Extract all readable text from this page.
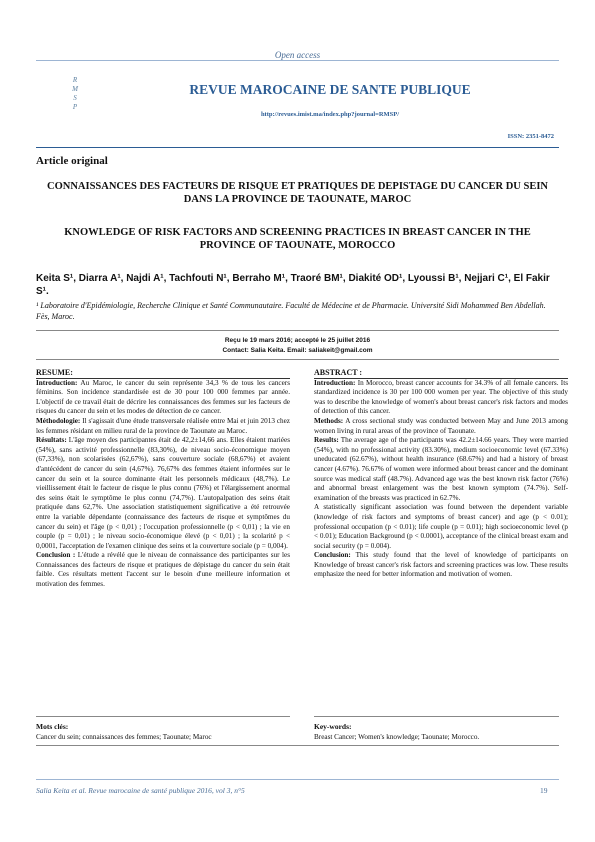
Open access
R
M
S
P
REVUE MAROCAINE DE SANTE PUBLIQUE
http://revues.imist.ma/index.php?journal=RMSP/
ISSN: 2351-8472
Article original
CONNAISSANCES DES FACTEURS DE RISQUE ET PRATIQUES DE DEPISTAGE DU CANCER DU SEIN DANS LA PROVINCE DE TAOUNATE, MAROC
KNOWLEDGE OF RISK FACTORS AND SCREENING PRACTICES IN BREAST CANCER IN THE PROVINCE OF TAOUNATE, MOROCCO
Keita S¹, Diarra A¹, Najdi A¹, Tachfouti N¹, Berraho M¹, Traoré BM¹, Diakité OD¹, Lyoussi B¹, Nejjari C¹, El Fakir S¹.
¹ Laboratoire d'Epidémiologie, Recherche Clinique et Santé Communautaire. Faculté de Médecine et de Pharmacie. Université Sidi Mohammed Ben Abdellah. Fès, Maroc.
Reçu le 19 mars 2016; accepté le 25 juillet 2016
Contact: Salia Keita. Email: saliakeit@gmail.com
RESUME:

Introduction: Au Maroc, le cancer du sein représente 34,3 % de tous les cancers féminins. Son incidence standardisée est de 30 pour 100 000 femmes par année. L'objectif de ce travail était de décrire les connaissances des femmes sur les facteurs de risques du cancer du sein et les modes de détection de ce cancer.

Méthodologie: Il s'agissait d'une étude transversale réalisée entre Mai et juin 2013 chez les femmes résidant en milieu rural de la province de Taounate au Maroc.

Résultats: L'âge moyen des participantes était de 42,2±14,66 ans. Elles étaient mariées (54%), sans activité professionnelle (83,30%), de niveau socio-économique moyen (67,33%), non scolarisées (62,67%), sans couverture sociale (68,67%) et avaient d'antécédent de cancer du sein (4,67%). 76,67% des femmes étaient informées sur le cancer du sein et la source dominante était les personnels médicaux (48,7%). Le vieillissement était le facteur de risque le plus connu (76%) et l'élargissement anormal des seins était le symptôme le plus connu (74,7%). L'autopalpation des seins était pratiquée dans 62,7%. Une association statistiquement significative a été retrouvée entre la variable dépendante (connaissance des facteurs de risque et symptômes du cancer du sein) et l'âge (p < 0,01) ; l'occupation professionnelle (p < 0,01) ; la vie en couple (p = 0,01) ; le niveau socio-économique élevé (p < 0,01) ; la scolarité p < 0,0001, l'acceptation de l'examen clinique des seins et la couverture sociale (p = 0,004).

Conclusion : L'étude a révélé que le niveau de connaissance des participantes sur les Connaissances des facteurs de risque et pratiques de dépistage du cancer du sein était faible. Ces résultats mettent l'accent sur le besoin d'une meilleure information et motivation des femmes.

ABSTRACT :

Introduction: In Morocco, breast cancer accounts for 34.3% of all female cancers. Its standardized incidence is 30 per 100 000 women per year. The objective of this study was to describe the knowledge of women's about breast cancer's risk factors and modes of detection of this cancer.

Methods: A cross sectional study was conducted between May and June 2013 among women living in rural areas of the province of Taounate.

Results: The average age of the participants was 42.2±14.66 years. They were married (54%), with no professional activity (83.30%), medium socioeconomic level (67.33%) uneducated (62.67%), without health insurance (68.67%) and had a history of breast cancer (4.67%). 76.67% of women were informed about breast cancer and the dominant source was medical staff (48.7%). Advanced age was the best known risk factor (76%) and abnormal breast enlargement was the best known symptom (74.7%). Self-examination of the breasts was practiced in 62.7%.

A statistically significant association was found between the dependent variable (knowledge of risk factors and symptoms of breast cancer) and age (p < 0.01); professional occupation (p < 0.01); life couple (p = 0.01); high socioeconomic level (p < 0.01); Education Background (p < 0.0001), acceptance of the clinical breast exam and social security (p = 0.004).

Conclusion: This study found that the level of knowledge of participants on Knowledge of breast cancer's risk factors and screening practices was low. These results emphasize the need for better information and motivation of women.

Mots clés:
Cancer du sein; connaissances des femmes; Taounate; Maroc
Key-words:
Breast Cancer; Women's knowledge; Taounate; Morocco.
Salia Keita et al. Revue marocaine de santé publique 2016, vol 3, n°5	19
